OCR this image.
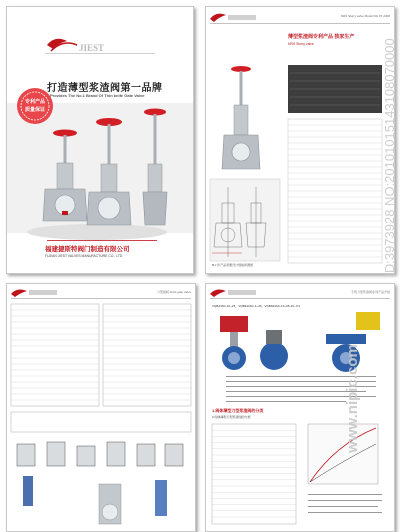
JIEST
打造薄型浆渣阀第一品牌
Provides The No.1 Brand Of Thin knife Gate Valve
专利产品
质量保证
福建捷斯特阀门制造有限公司
FUJIAN JIEST VALVES MANUFACTURE CO., LTD
NRS Slurry valve Model:NG 07-2008
薄型浆渣阀专利产品 独家生产
NRS Slurry valve
B,c 件产品需要设计规格和图纸
刀型闸阀 Knife gate valve	专利刀型浆渣阀系列产品介绍
VQB44SC-10~25，VQB944SC-1~25，VQB944SC-10~25-10~ P1
1.阀体薄型刀型浆渣阀的分类
2.阀体薄型刀型浆渣阀的分类
ID:3973928 NO:20101015143108070000
www.nipic.com
